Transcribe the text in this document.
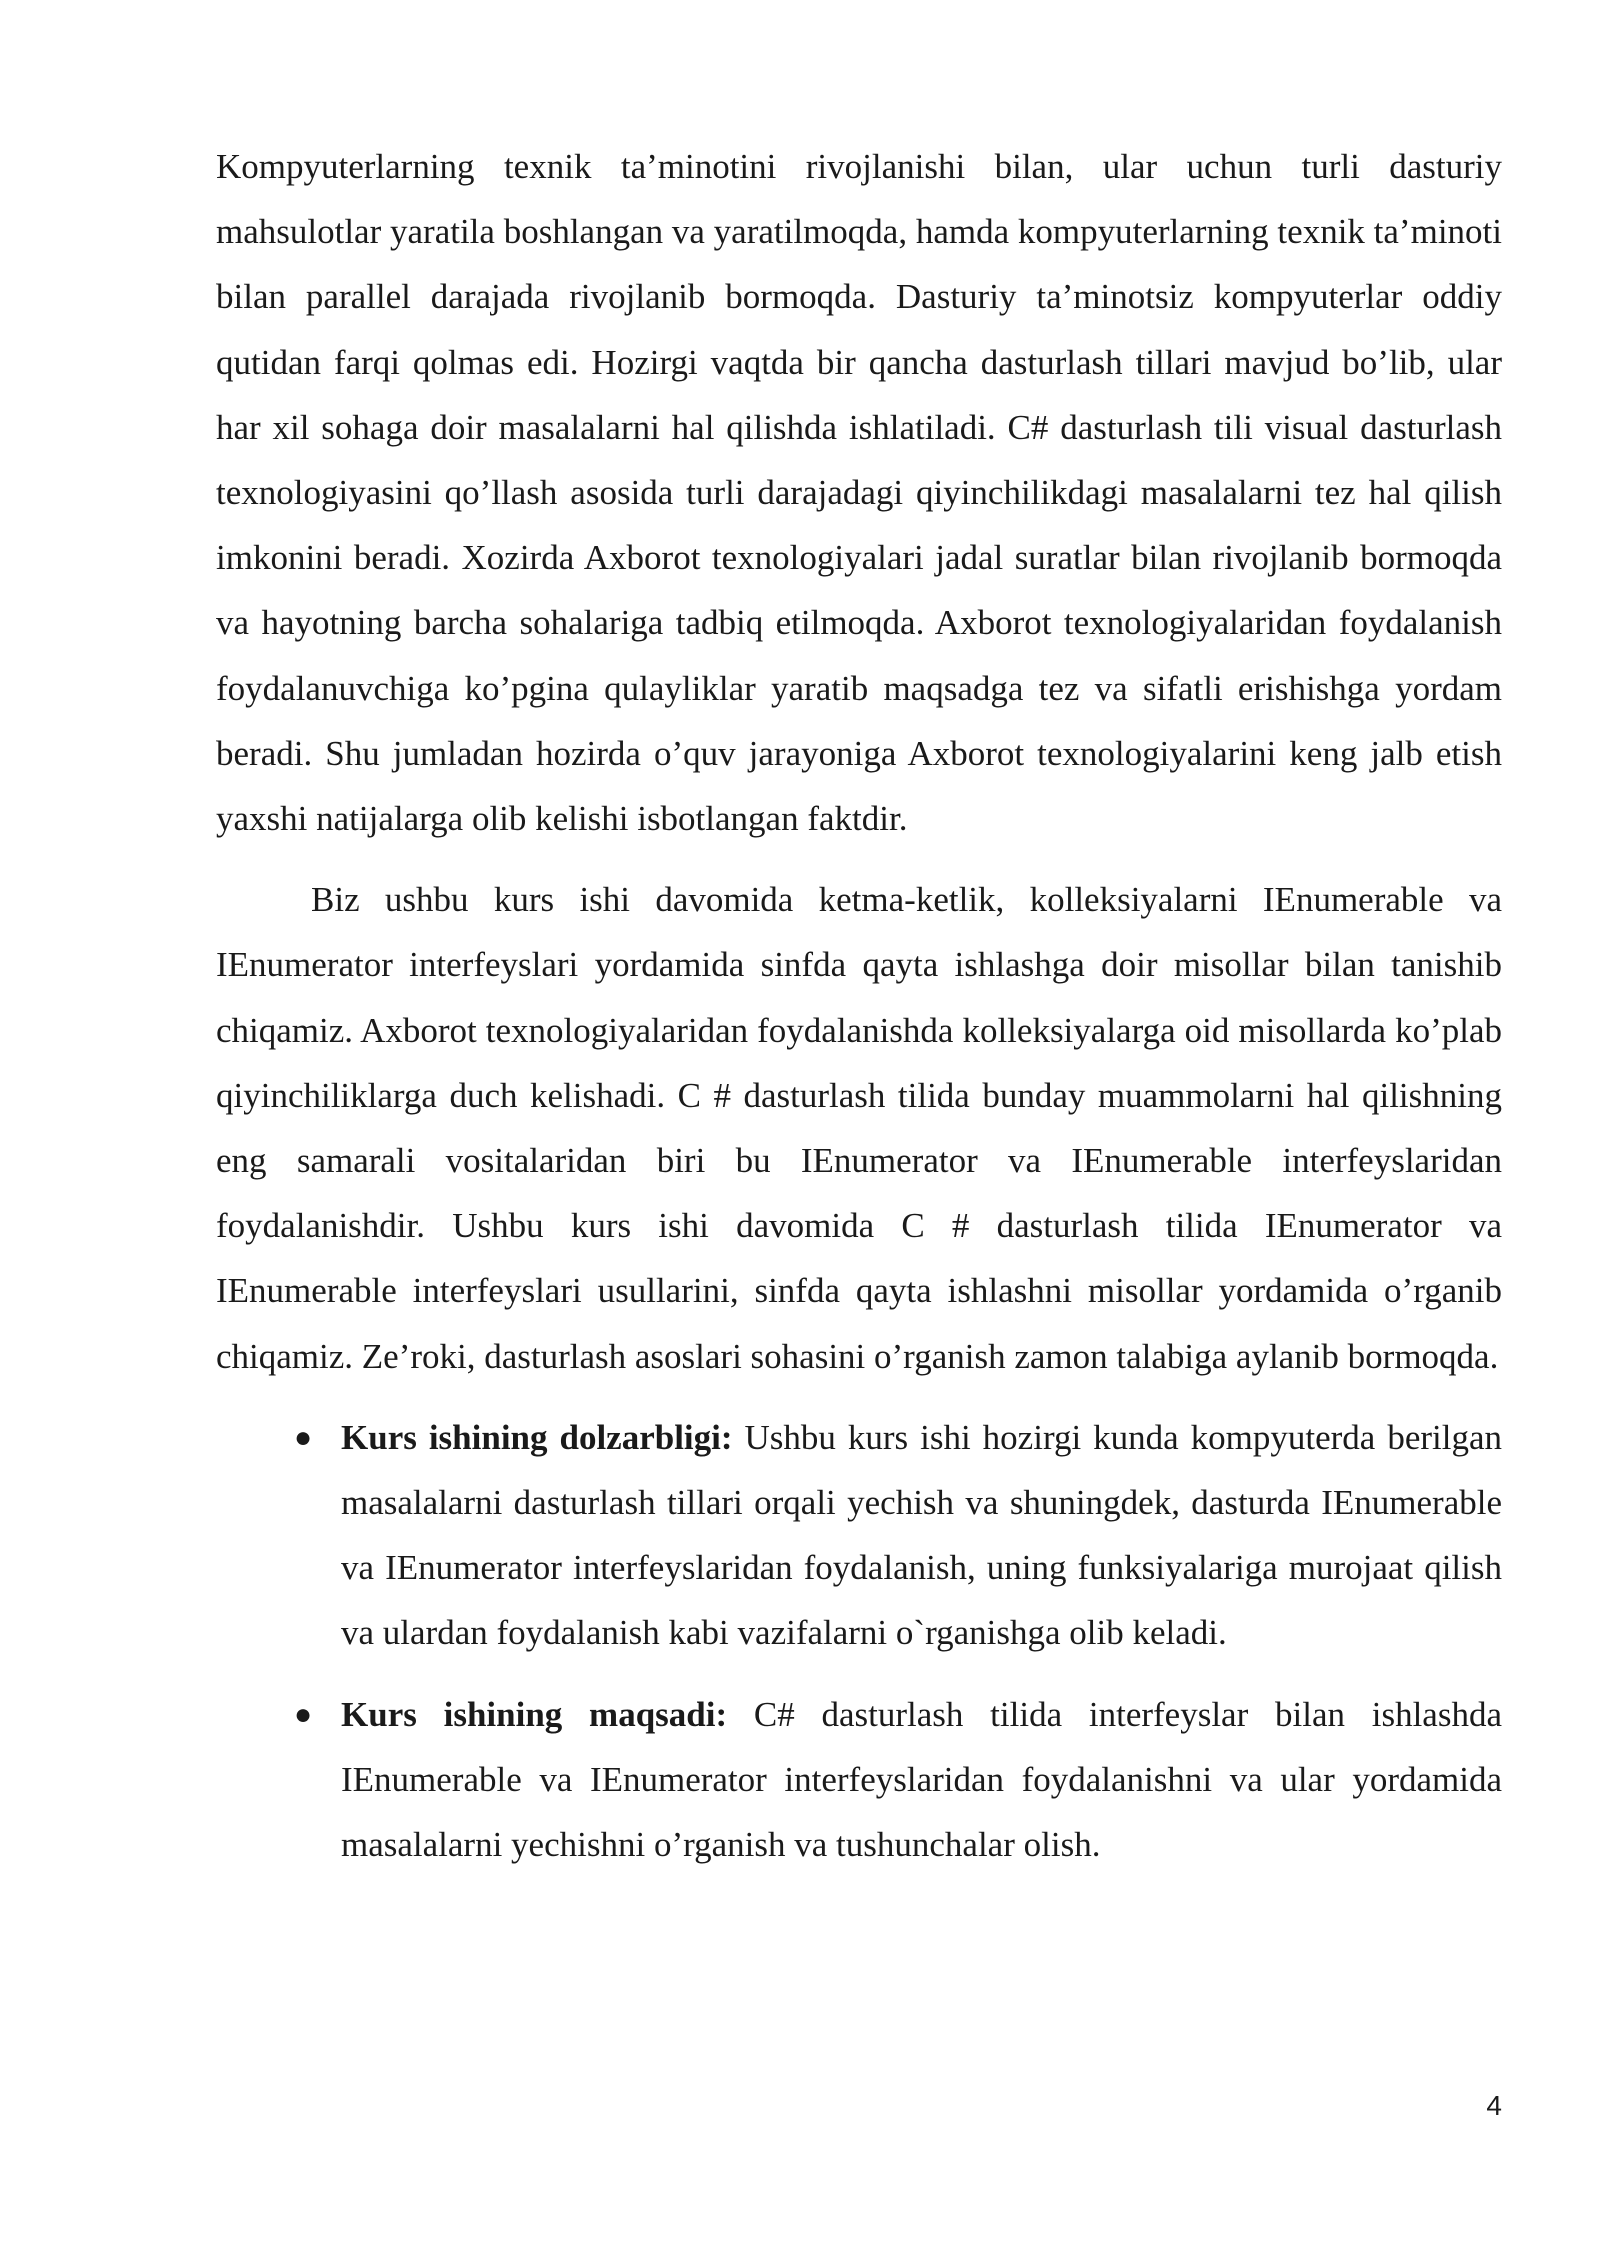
Kompyuterlarning texnik ta’minotini rivojlanishi bilan, ular uchun turli dasturiy mahsulotlar yaratila boshlangan va yaratilmoqda, hamda kompyuterlarning texnik ta’minoti bilan parallel darajada rivojlanib bormoqda. Dasturiy ta’minotsiz kompyuterlar oddiy qutidan farqi qolmas edi. Hozirgi vaqtda bir qancha dasturlash tillari mavjud bo’lib, ular har xil sohaga doir masalalarni hal qilishda ishlatiladi. C# dasturlash tili visual dasturlash texnologiyasini qo’llash asosida turli darajadagi qiyinchilikdagi masalalarni tez hal qilish imkonini beradi. Xozirda Axborot texnologiyalari jadal suratlar bilan rivojlanib bormoqda va hayotning barcha sohalariga tadbiq etilmoqda. Axborot texnologiyalaridan foydalanish foydalanuvchiga ko’pgina qulayliklar yaratib maqsadga tez va sifatli erishishga yordam beradi. Shu jumladan hozirda o’quv jarayoniga Axborot texnologiyalarini keng jalb etish yaxshi natijalarga olib kelishi isbotlangan faktdir.

Biz ushbu kurs ishi davomida ketma-ketlik, kolleksiyalarni IEnumerable va IEnumerator interfeyslari yordamida sinfda qayta ishlashga doir misollar bilan tanishib chiqamiz. Axborot texnologiyalaridan foydalanishda kolleksiyalarga oid misollarda ko’plab qiyinchiliklarga duch kelishadi. C # dasturlash tilida bunday muammolarni hal qilishning eng samarali vositalaridan biri bu IEnumerator va IEnumerable interfeyslaridan foydalanishdir. Ushbu kurs ishi davomida C # dasturlash tilida IEnumerator va IEnumerable interfeyslari usullarini, sinfda qayta ishlashni misollar yordamida o’rganib chiqamiz. Ze’roki, dasturlash asoslari sohasini o’rganish zamon talabiga aylanib bormoqda.

● Kurs ishining dolzarbligi: Ushbu kurs ishi hozirgi kunda kompyuterda berilgan masalalarni dasturlash tillari orqali yechish va shuningdek, dasturda IEnumerable va IEnumerator interfeyslaridan foydalanish, uning funksiyalariga murojaat qilish va ulardan foydalanish kabi vazifalarni o`rganishga olib keladi.
● Kurs ishining maqsadi: C# dasturlash tilida interfeyslar bilan ishlashda IEnumerable va IEnumerator interfeyslaridan foydalanishni va ular yordamida masalalarni yechishni o’rganish va tushunchalar olish.
4
